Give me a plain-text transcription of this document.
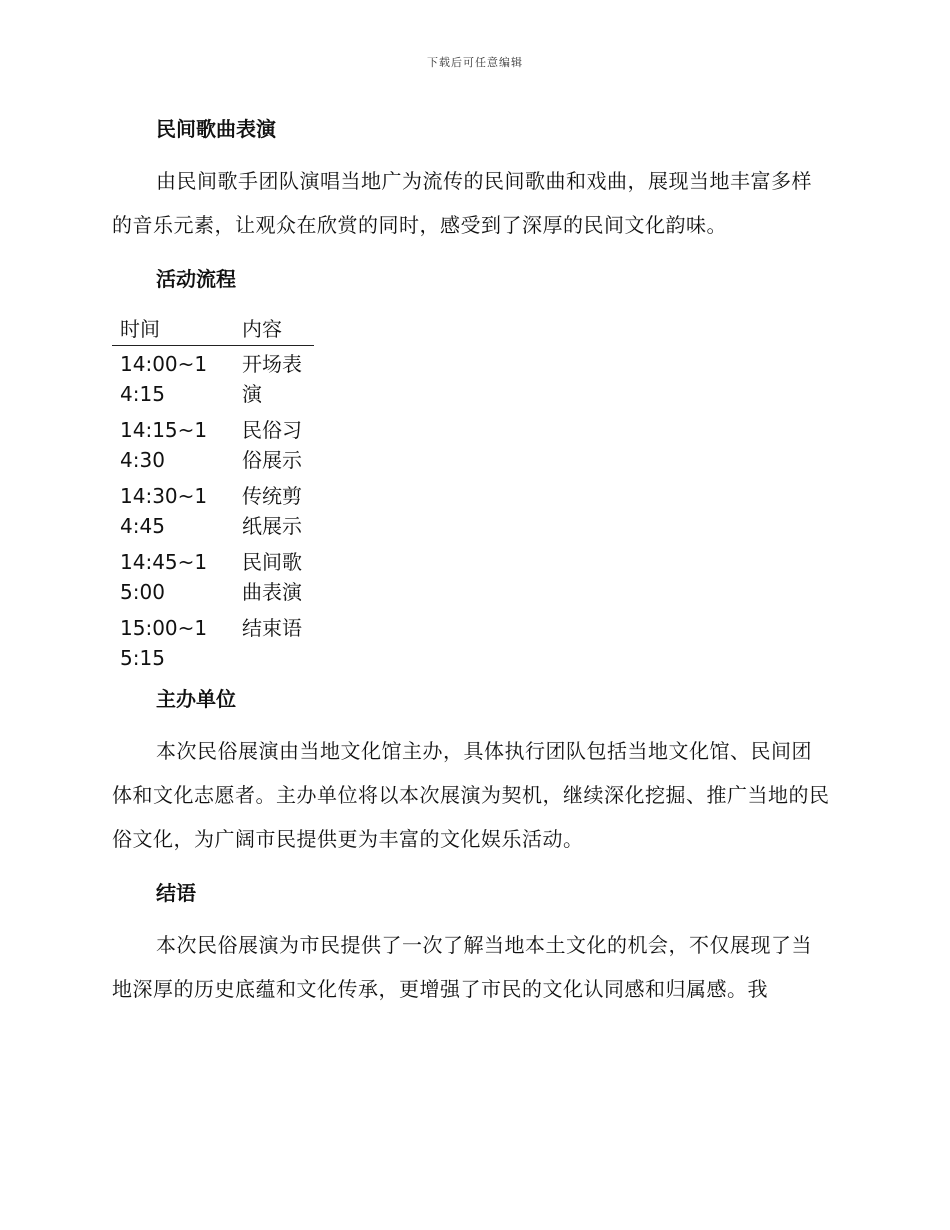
下载后可任意编辑
民间歌曲表演

由民间歌手团队演唱当地广为流传的民间歌曲和戏曲，展现当地丰富多样的音乐元素，让观众在欣赏的同时，感受到了深厚的民间文化韵味。

活动流程
时间	内容
14:00~14:15	开场表演
14:15~14:30	民俗习俗展示
14:30~14:45	传统剪纸展示
14:45~15:00	民间歌曲表演
15:00~15:15	结束语
主办单位

本次民俗展演由当地文化馆主办，具体执行团队包括当地文化馆、民间团体和文化志愿者。主办单位将以本次展演为契机，继续深化挖掘、推广当地的民俗文化，为广阔市民提供更为丰富的文化娱乐活动。

结语

本次民俗展演为市民提供了一次了解当地本土文化的机会，不仅展现了当地深厚的历史底蕴和文化传承，更增强了市民的文化认同感和归属感。我
